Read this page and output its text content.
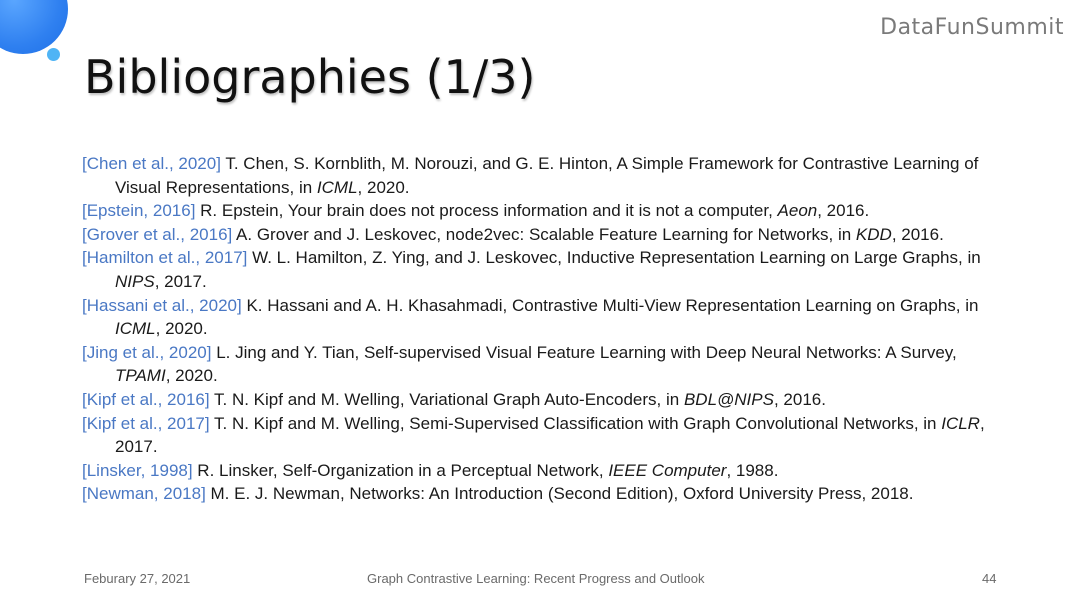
DataFunSummit
Bibliographies (1/3)
[Chen et al., 2020] T. Chen, S. Kornblith, M. Norouzi, and G. E. Hinton, A Simple Framework for Contrastive Learning of Visual Representations, in ICML, 2020.
[Epstein, 2016] R. Epstein, Your brain does not process information and it is not a computer, Aeon, 2016.
[Grover et al., 2016] A. Grover and J. Leskovec, node2vec: Scalable Feature Learning for Networks, in KDD, 2016.
[Hamilton et al., 2017] W. L. Hamilton, Z. Ying, and J. Leskovec, Inductive Representation Learning on Large Graphs, in NIPS, 2017.
[Hassani et al., 2020] K. Hassani and A. H. Khasahmadi, Contrastive Multi-View Representation Learning on Graphs, in ICML, 2020.
[Jing et al., 2020] L. Jing and Y. Tian, Self-supervised Visual Feature Learning with Deep Neural Networks: A Survey, TPAMI, 2020.
[Kipf et al., 2016] T. N. Kipf and M. Welling, Variational Graph Auto-Encoders, in BDL@NIPS, 2016.
[Kipf et al., 2017] T. N. Kipf and M. Welling, Semi-Supervised Classification with Graph Convolutional Networks, in ICLR, 2017.
[Linsker, 1998] R. Linsker, Self-Organization in a Perceptual Network, IEEE Computer, 1988.
[Newman, 2018] M. E. J. Newman, Networks: An Introduction (Second Edition), Oxford University Press, 2018.
Feburary 27, 2021	Graph Contrastive Learning: Recent Progress and Outlook	44
